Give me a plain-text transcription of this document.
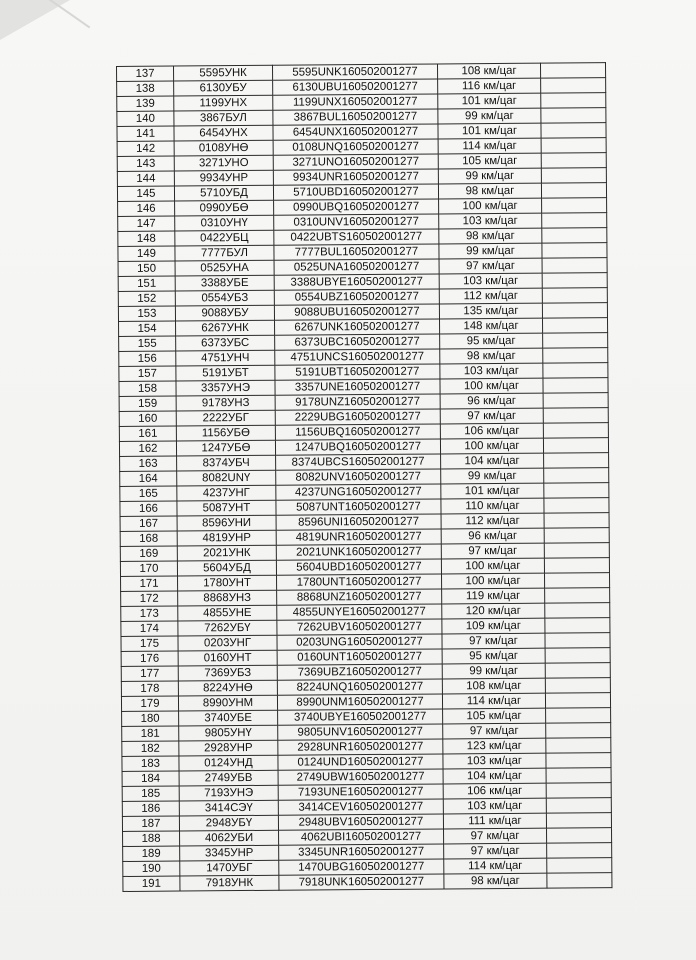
137	5595УНК	5595UNK160502001277	108 км/цаг	
138	6130УБУ	6130UBU160502001277	116 км/цаг	
139	1199УНХ	1199UNX160502001277	101 км/цаг	
140	3867БУЛ	3867BUL160502001277	99 км/цаг	
141	6454УНХ	6454UNX160502001277	101 км/цаг	
142	0108УНӨ	0108UNQ160502001277	114 км/цаг	
143	3271УНО	3271UNO160502001277	105 км/цаг	
144	9934УНР	9934UNR160502001277	99 км/цаг	
145	5710УБД	5710UBD160502001277	98 км/цаг	
146	0990УБӨ	0990UBQ160502001277	100 км/цаг	
147	0310УНҮ	0310UNV160502001277	103 км/цаг	
148	0422УБЦ	0422UBTS160502001277	98 км/цаг	
149	7777БУЛ	7777BUL160502001277	99 км/цаг	
150	0525УНА	0525UNA160502001277	97 км/цаг	
151	3388УБЕ	3388UBYE160502001277	103 км/цаг	
152	0554УБЗ	0554UBZ160502001277	112 км/цаг	
153	9088УБУ	9088UBU160502001277	135 км/цаг	
154	6267УНК	6267UNK160502001277	148 км/цаг	
155	6373УБС	6373UBC160502001277	95 км/цаг	
156	4751УНЧ	4751UNCS160502001277	98 км/цаг	
157	5191УБТ	5191UBT160502001277	103 км/цаг	
158	3357УНЭ	3357UNE160502001277	100 км/цаг	
159	9178УНЗ	9178UNZ160502001277	96 км/цаг	
160	2222УБГ	2229UBG160502001277	97 км/цаг	
161	1156УБӨ	1156UBQ160502001277	106 км/цаг	
162	1247УБӨ	1247UBQ160502001277	100 км/цаг	
163	8374УБЧ	8374UBCS160502001277	104 км/цаг	
164	8082UNҮ	8082UNV160502001277	99 км/цаг	
165	4237УНГ	4237UNG160502001277	101 км/цаг	
166	5087УНТ	5087UNT160502001277	110 км/цаг	
167	8596УНИ	8596UNI160502001277	112 км/цаг	
168	4819УНР	4819UNR160502001277	96 км/цаг	
169	2021УНК	2021UNK160502001277	97 км/цаг	
170	5604УБД	5604UBD160502001277	100 км/цаг	
171	1780УНТ	1780UNT160502001277	100 км/цаг	
172	8868УНЗ	8868UNZ160502001277	119 км/цаг	
173	4855УНЕ	4855UNYE160502001277	120 км/цаг	
174	7262УБҮ	7262UBV160502001277	109 км/цаг	
175	0203УНГ	0203UNG160502001277	97 км/цаг	
176	0160УНТ	0160UNT160502001277	95 км/цаг	
177	7369УБЗ	7369UBZ160502001277	99 км/цаг	
178	8224УНӨ	8224UNQ160502001277	108 км/цаг	
179	8990УНМ	8990UNM160502001277	114 км/цаг	
180	3740УБЕ	3740UBYE160502001277	105 км/цаг	
181	9805УНҮ	9805UNV160502001277	97 км/цаг	
182	2928УНР	2928UNR160502001277	123 км/цаг	
183	0124УНД	0124UND160502001277	103 км/цаг	
184	2749УБВ	2749UBW160502001277	104 км/цаг	
185	7193УНЭ	7193UNE160502001277	106 км/цаг	
186	3414СЭҮ	3414CEV160502001277	103 км/цаг	
187	2948УБҮ	2948UBV160502001277	111 км/цаг	
188	4062УБИ	4062UBI160502001277	97 км/цаг	
189	3345УНР	3345UNR160502001277	97 км/цаг	
190	1470УБГ	1470UBG160502001277	114 км/цаг	
191	7918УНК	7918UNK160502001277	98 км/цаг	
